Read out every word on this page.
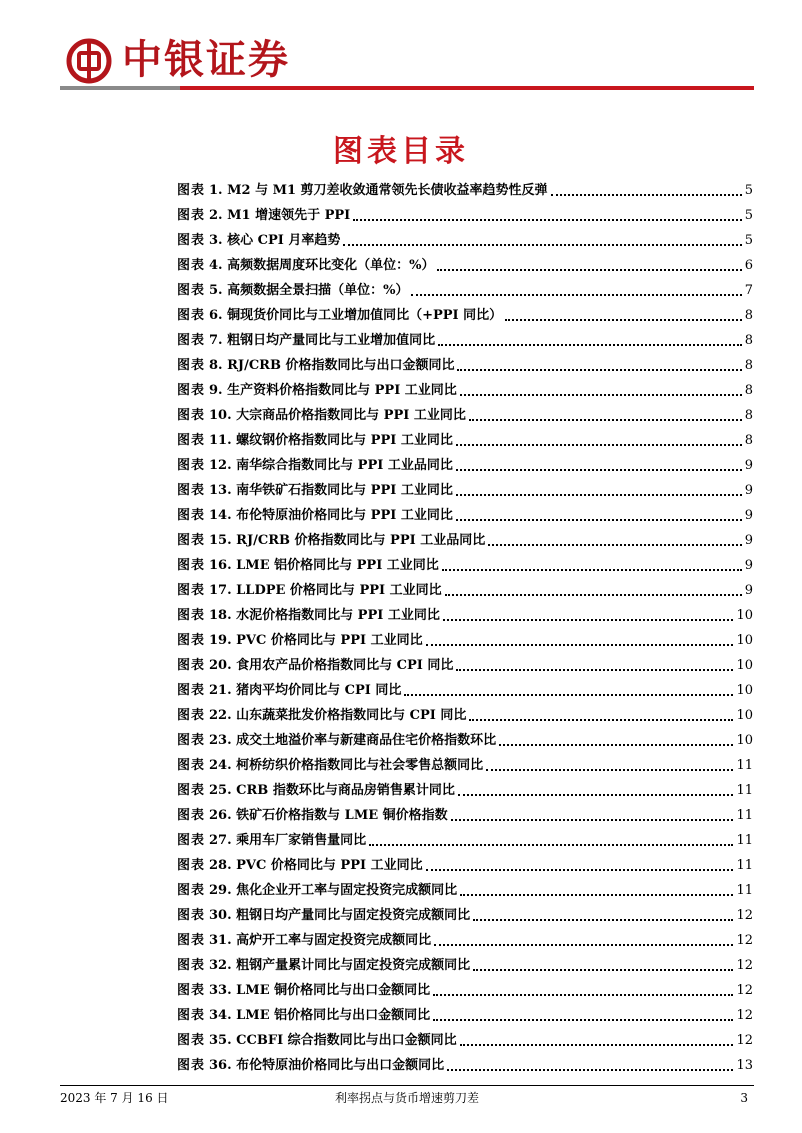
中银证券
图表目录
图表 1. M2 与 M1 剪刀差收敛通常领先长债收益率趋势性反弹	5
图表 2. M1 增速领先于 PPI	5
图表 3. 核心 CPI 月率趋势	5
图表 4. 高频数据周度环比变化（单位：%）	6
图表 5. 高频数据全景扫描（单位：%）	7
图表 6. 铜现货价同比与工业增加值同比（+PPI 同比）	8
图表 7. 粗钢日均产量同比与工业增加值同比	8
图表 8. RJ/CRB 价格指数同比与出口金额同比	8
图表 9. 生产资料价格指数同比与 PPI 工业同比	8
图表 10. 大宗商品价格指数同比与 PPI 工业同比	8
图表 11. 螺纹钢价格指数同比与 PPI 工业同比	8
图表 12. 南华综合指数同比与 PPI 工业品同比	9
图表 13. 南华铁矿石指数同比与 PPI 工业同比	9
图表 14. 布伦特原油价格同比与 PPI 工业同比	9
图表 15. RJ/CRB 价格指数同比与 PPI 工业品同比	9
图表 16. LME 铝价格同比与 PPI 工业同比	9
图表 17. LLDPE 价格同比与 PPI 工业同比	9
图表 18. 水泥价格指数同比与 PPI 工业同比	10
图表 19. PVC 价格同比与 PPI 工业同比	10
图表 20. 食用农产品价格指数同比与 CPI 同比	10
图表 21. 猪肉平均价同比与 CPI 同比	10
图表 22. 山东蔬菜批发价格指数同比与 CPI 同比	10
图表 23. 成交土地溢价率与新建商品住宅价格指数环比	10
图表 24. 柯桥纺织价格指数同比与社会零售总额同比	11
图表 25. CRB 指数环比与商品房销售累计同比	11
图表 26. 铁矿石价格指数与 LME 铜价格指数	11
图表 27. 乘用车厂家销售量同比	11
图表 28. PVC 价格同比与 PPI 工业同比	11
图表 29. 焦化企业开工率与固定投资完成额同比	11
图表 30. 粗钢日均产量同比与固定投资完成额同比	12
图表 31. 高炉开工率与固定投资完成额同比	12
图表 32. 粗钢产量累计同比与固定投资完成额同比	12
图表 33. LME 铜价格同比与出口金额同比	12
图表 34. LME 铝价格同比与出口金额同比	12
图表 35. CCBFI 综合指数同比与出口金额同比	12
图表 36. 布伦特原油价格同比与出口金额同比	13
2023 年 7 月 16 日	利率拐点与货币增速剪刀差	3
